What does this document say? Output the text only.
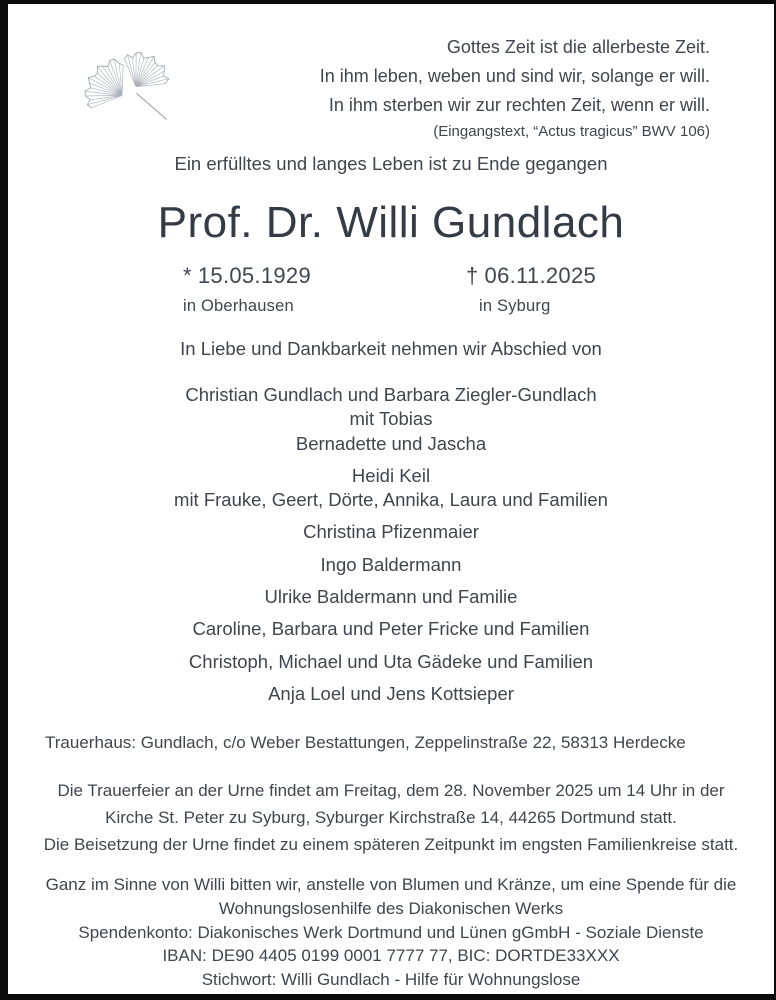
Gottes Zeit ist die allerbeste Zeit.
In ihm leben, weben und sind wir, solange er will.
In ihm sterben wir zur rechten Zeit, wenn er will.
(Eingangstext, “Actus tragicus” BWV 106)
Ein erfülltes und langes Leben ist zu Ende gegangen
Prof. Dr. Willi Gundlach
* 15.05.1929
in Oberhausen
† 06.11.2025
in Syburg
In Liebe und Dankbarkeit nehmen wir Abschied von
Christian Gundlach und Barbara Ziegler-Gundlach
mit Tobias
Bernadette und Jascha
Heidi Keil
mit Frauke, Geert, Dörte, Annika, Laura und Familien
Christina Pfizenmaier
Ingo Baldermann
Ulrike Baldermann und Familie
Caroline, Barbara und Peter Fricke und Familien
Christoph, Michael und Uta Gädeke und Familien
Anja Loel und Jens Kottsieper
Trauerhaus: Gundlach, c/o Weber Bestattungen, Zeppelinstraße 22, 58313 Herdecke
Die Trauerfeier an der Urne findet am Freitag, dem 28. November 2025 um 14 Uhr in der
Kirche St. Peter zu Syburg, Syburger Kirchstraße 14, 44265 Dortmund statt.
Die Beisetzung der Urne findet zu einem späteren Zeitpunkt im engsten Familienkreise statt.
Ganz im Sinne von Willi bitten wir, anstelle von Blumen und Kränze, um eine Spende für die
Wohnungslosenhilfe des Diakonischen Werks
Spendenkonto: Diakonisches Werk Dortmund und Lünen gGmbH - Soziale Dienste
IBAN: DE90 4405 0199 0001 7777 77, BIC: DORTDE33XXX
Stichwort: Willi Gundlach - Hilfe für Wohnungslose
